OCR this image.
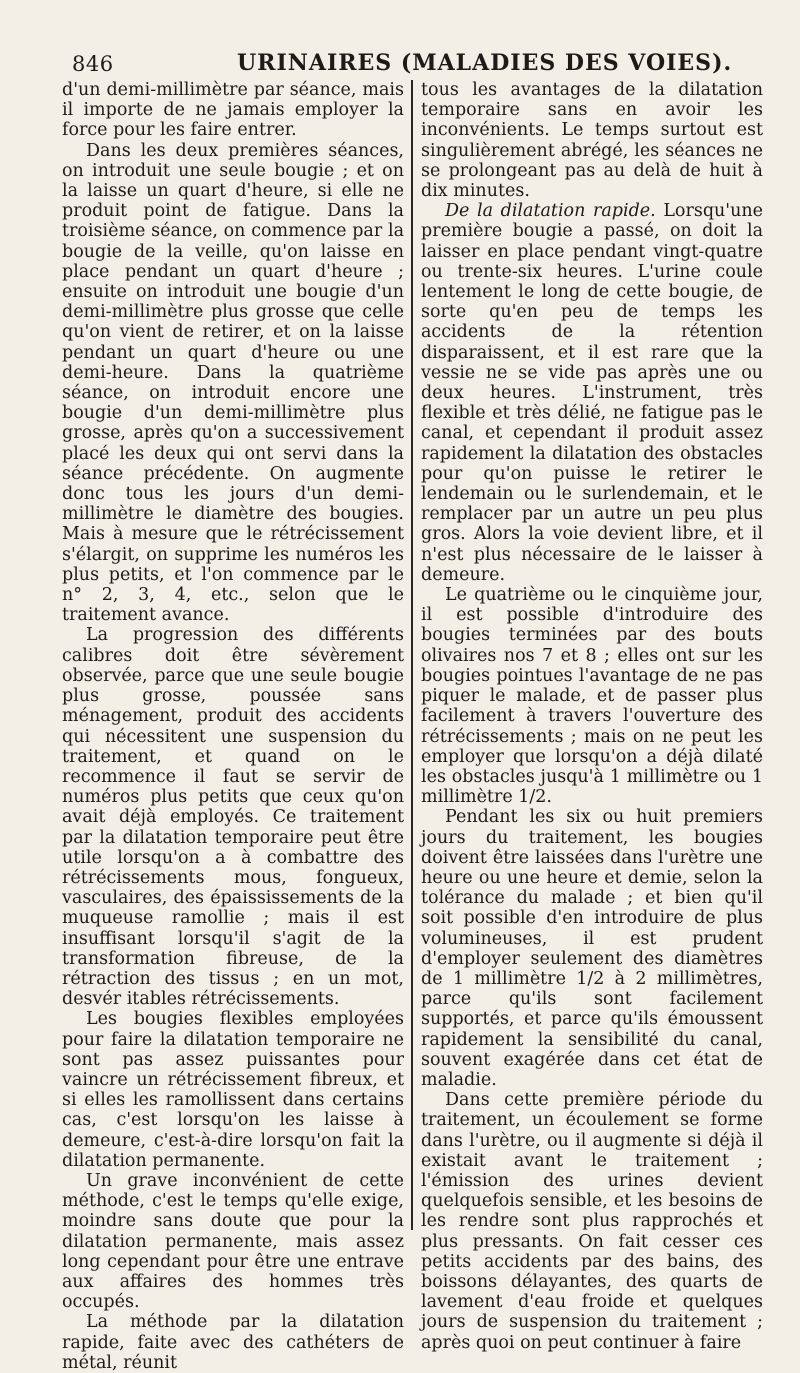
846	URINAIRES (MALADIES DES VOIES).

d'un demi-millimètre par séance, mais il importe de ne jamais employer la force pour les faire entrer.

Dans les deux premières séances, on introduit une seule bougie ; et on la laisse un quart d'heure, si elle ne produit point de fatigue. Dans la troisième séance, on commence par la bougie de la veille, qu'on laisse en place pendant un quart d'heure ; ensuite on introduit une bougie d'un demi-millimètre plus grosse que celle qu'on vient de retirer, et on la laisse pendant un quart d'heure ou une demi-heure. Dans la quatrième séance, on introduit encore une bougie d'un demi-millimètre plus grosse, après qu'on a successivement placé les deux qui ont servi dans la séance précédente. On augmente donc tous les jours d'un demi-millimètre le diamètre des bougies. Mais à mesure que le rétrécissement s'élargit, on supprime les numéros les plus petits, et l'on commence par le n° 2, 3, 4, etc., selon que le traitement avance.

La progression des différents calibres doit être sévèrement observée, parce que une seule bougie plus grosse, poussée sans ménagement, produit des accidents qui nécessitent une suspension du traitement, et quand on le recommence il faut se servir de numéros plus petits que ceux qu'on avait déjà employés. Ce traitement par la dilatation temporaire peut être utile lorsqu'on a à combattre des rétrécissements mous, fongueux, vasculaires, des épaississements de la muqueuse ramollie ; mais il est insuffisant lorsqu'il s'agit de la transformation fibreuse, de la rétraction des tissus ; en un mot, desvér itables rétrécissements.

Les bougies flexibles employées pour faire la dilatation temporaire ne sont pas assez puissantes pour vaincre un rétrécissement fibreux, et si elles les ramollissent dans certains cas, c'est lorsqu'on les laisse à demeure, c'est-à-dire lorsqu'on fait la dilatation permanente.

Un grave inconvénient de cette méthode, c'est le temps qu'elle exige, moindre sans doute que pour la dilatation permanente, mais assez long cependant pour être une entrave aux affaires des hommes très occupés.

La méthode par la dilatation rapide, faite avec des cathéters de métal, réunit

tous les avantages de la dilatation temporaire sans en avoir les inconvénients. Le temps surtout est singulièrement abrégé, les séances ne se prolongeant pas au delà de huit à dix minutes.

De la dilatation rapide. Lorsqu'une première bougie a passé, on doit la laisser en place pendant vingt-quatre ou trente-six heures. L'urine coule lentement le long de cette bougie, de sorte qu'en peu de temps les accidents de la rétention disparaissent, et il est rare que la vessie ne se vide pas après une ou deux heures. L'instrument, très flexible et très délié, ne fatigue pas le canal, et cependant il produit assez rapidement la dilatation des obstacles pour qu'on puisse le retirer le lendemain ou le surlendemain, et le remplacer par un autre un peu plus gros. Alors la voie devient libre, et il n'est plus nécessaire de le laisser à demeure.

Le quatrième ou le cinquième jour, il est possible d'introduire des bougies terminées par des bouts olivaires nos 7 et 8 ; elles ont sur les bougies pointues l'avantage de ne pas piquer le malade, et de passer plus facilement à travers l'ouverture des rétrécissements ; mais on ne peut les employer que lorsqu'on a déjà dilaté les obstacles jusqu'à 1 millimètre ou 1 millimètre 1/2.

Pendant les six ou huit premiers jours du traitement, les bougies doivent être laissées dans l'urètre une heure ou une heure et demie, selon la tolérance du malade ; et bien qu'il soit possible d'en introduire de plus volumineuses, il est prudent d'employer seulement des diamètres de 1 millimètre 1/2 à 2 millimètres, parce qu'ils sont facilement supportés, et parce qu'ils émoussent rapidement la sensibilité du canal, souvent exagérée dans cet état de maladie.

Dans cette première période du traitement, un écoulement se forme dans l'urètre, ou il augmente si déjà il existait avant le traitement ; l'émission des urines devient quelquefois sensible, et les besoins de les rendre sont plus rapprochés et plus pressants. On fait cesser ces petits accidents par des bains, des boissons délayantes, des quarts de lavement d'eau froide et quelques jours de suspension du traitement ; après quoi on peut continuer à faire
